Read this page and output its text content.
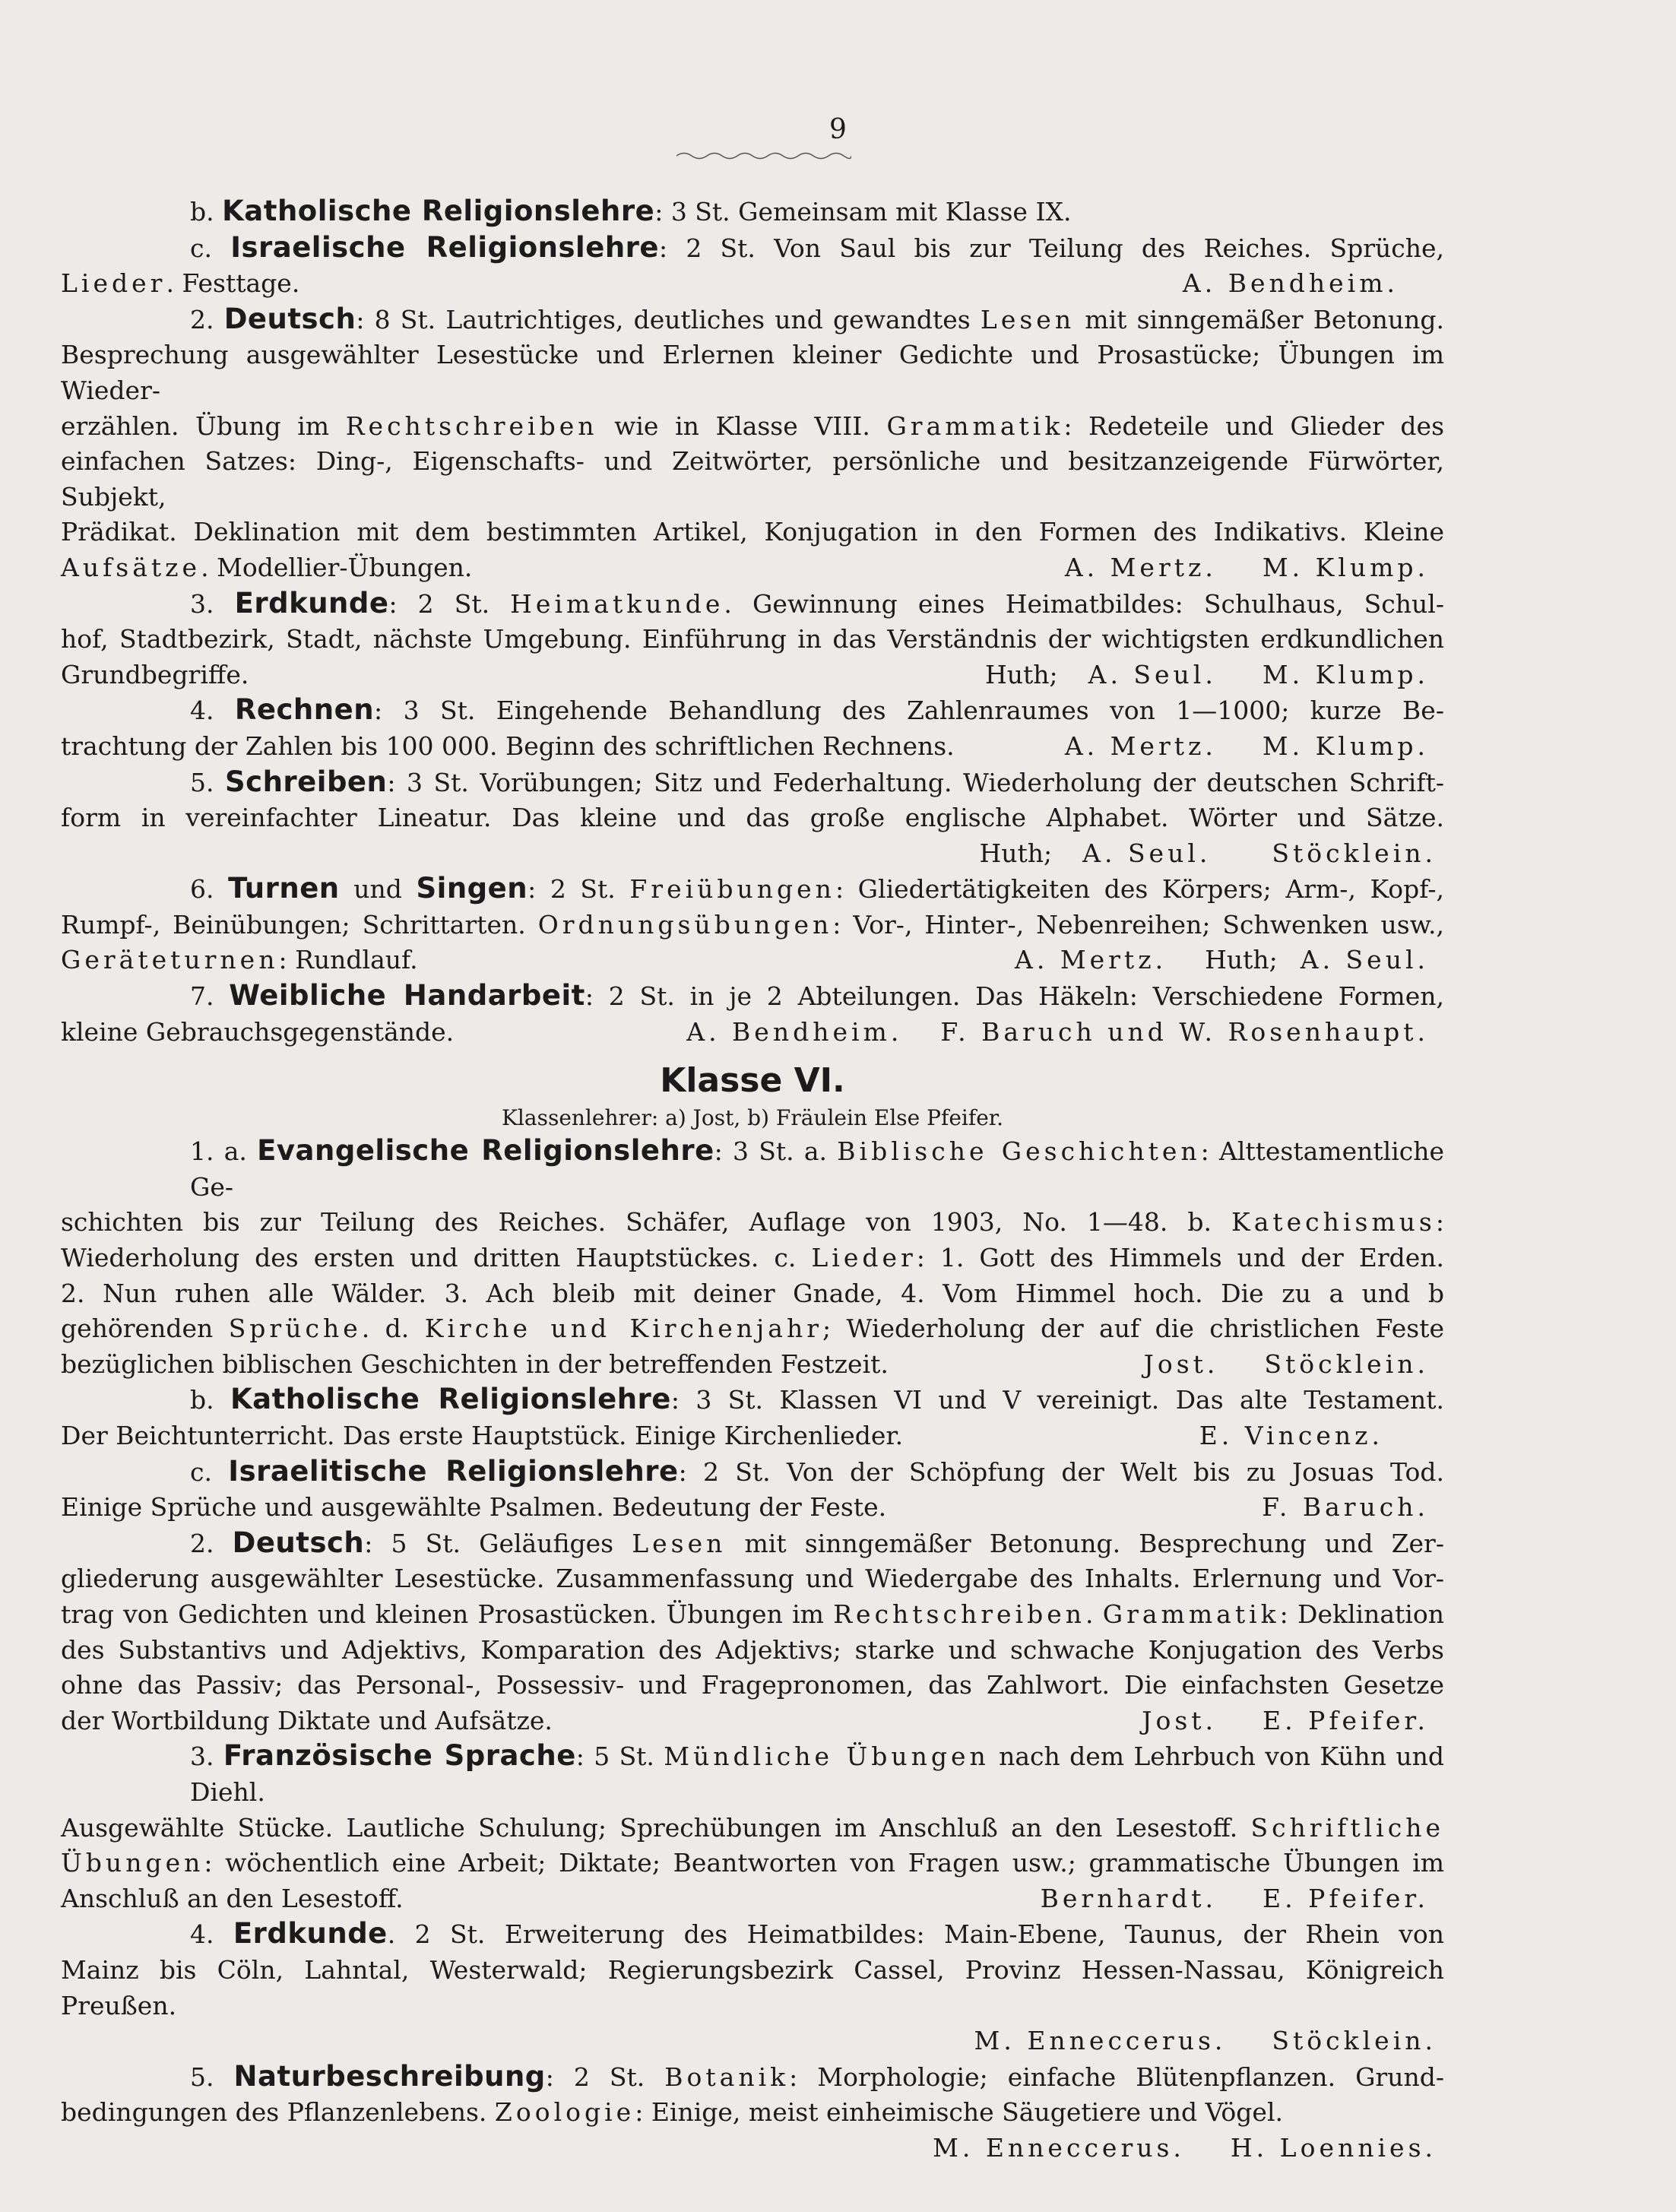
9
b. Katholische Religionslehre: 3 St. Gemeinsam mit Klasse IX.
c. Israelische Religionslehre: 2 St. Von Saul bis zur Teilung des Reiches. Sprüche,
Lieder. Festtage.	A. Bendheim.
2. Deutsch: 8 St. Lautrichtiges, deutliches und gewandtes Lesen mit sinngemäßer Betonung.
Besprechung ausgewählter Lesestücke und Erlernen kleiner Gedichte und Prosastücke; Übungen im Wieder-
erzählen. Übung im Rechtschreiben wie in Klasse VIII. Grammatik: Redeteile und Glieder des
einfachen Satzes: Ding-, Eigenschafts- und Zeitwörter, persönliche und besitzanzeigende Fürwörter, Subjekt,
Prädikat. Deklination mit dem bestimmten Artikel, Konjugation in den Formen des Indikativs. Kleine
Aufsätze. Modellier-Übungen.	A. Mertz. M. Klump.
3. Erdkunde: 2 St. Heimatkunde. Gewinnung eines Heimatbildes: Schulhaus, Schul-
hof, Stadtbezirk, Stadt, nächste Umgebung. Einführung in das Verständnis der wichtigsten erdkundlichen
Grundbegriffe.	Huth; A. Seul. M. Klump.
4. Rechnen: 3 St. Eingehende Behandlung des Zahlenraumes von 1—1000; kurze Be-
trachtung der Zahlen bis 100 000. Beginn des schriftlichen Rechnens.	A. Mertz. M. Klump.
5. Schreiben: 3 St. Vorübungen; Sitz und Federhaltung. Wiederholung der deutschen Schrift-
form in vereinfachter Lineatur. Das kleine und das große englische Alphabet. Wörter und Sätze.
Huth; A. Seul. Stöcklein.
6. Turnen und Singen: 2 St. Freiübungen: Gliedertätigkeiten des Körpers; Arm-, Kopf-,
Rumpf-, Beinübungen; Schrittarten. Ordnungsübungen: Vor-, Hinter-, Nebenreihen; Schwenken usw.,
Geräteturnen: Rundlauf.	A. Mertz. Huth; A. Seul.
7. Weibliche Handarbeit: 2 St. in je 2 Abteilungen. Das Häkeln: Verschiedene Formen,
kleine Gebrauchsgegenstände.	A. Bendheim. F. Baruch und W. Rosenhaupt.
Klasse VI.
Klassenlehrer: a) Jost, b) Fräulein Else Pfeifer.
1. a. Evangelische Religionslehre: 3 St. a. Biblische Geschichten: Alttestamentliche Ge-
schichten bis zur Teilung des Reiches. Schäfer, Auflage von 1903, No. 1—48. b. Katechismus:
Wiederholung des ersten und dritten Hauptstückes. c. Lieder: 1. Gott des Himmels und der Erden.
2. Nun ruhen alle Wälder. 3. Ach bleib mit deiner Gnade, 4. Vom Himmel hoch. Die zu a und b
gehörenden Sprüche. d. Kirche und Kirchenjahr; Wiederholung der auf die christlichen Feste
bezüglichen biblischen Geschichten in der betreffenden Festzeit.	Jost. Stöcklein.
b. Katholische Religionslehre: 3 St. Klassen VI und V vereinigt. Das alte Testament.
Der Beichtunterricht. Das erste Hauptstück. Einige Kirchenlieder.	E. Vincenz.
c. Israelitische Religionslehre: 2 St. Von der Schöpfung der Welt bis zu Josuas Tod.
Einige Sprüche und ausgewählte Psalmen. Bedeutung der Feste.	F. Baruch.
2. Deutsch: 5 St. Geläufiges Lesen mit sinngemäßer Betonung. Besprechung und Zer-
gliederung ausgewählter Lesestücke. Zusammenfassung und Wiedergabe des Inhalts. Erlernung und Vor-
trag von Gedichten und kleinen Prosastücken. Übungen im Rechtschreiben. Grammatik: Deklination
des Substantivs und Adjektivs, Komparation des Adjektivs; starke und schwache Konjugation des Verbs
ohne das Passiv; das Personal-, Possessiv- und Fragepronomen, das Zahlwort. Die einfachsten Gesetze
der Wortbildung Diktate und Aufsätze.	Jost. E. Pfeifer.
3. Französische Sprache: 5 St. Mündliche Übungen nach dem Lehrbuch von Kühn und Diehl.
Ausgewählte Stücke. Lautliche Schulung; Sprechübungen im Anschluß an den Lesestoff. Schriftliche
Übungen: wöchentlich eine Arbeit; Diktate; Beantworten von Fragen usw.; grammatische Übungen im
Anschluß an den Lesestoff.	Bernhardt. E. Pfeifer.
4. Erdkunde. 2 St. Erweiterung des Heimatbildes: Main-Ebene, Taunus, der Rhein von
Mainz bis Cöln, Lahntal, Westerwald; Regierungsbezirk Cassel, Provinz Hessen-Nassau, Königreich Preußen.
M. Enneccerus. Stöcklein.
5. Naturbeschreibung: 2 St. Botanik: Morphologie; einfache Blütenpflanzen. Grund-
bedingungen des Pflanzenlebens. Zoologie: Einige, meist einheimische Säugetiere und Vögel.
M. Enneccerus. H. Loennies.
